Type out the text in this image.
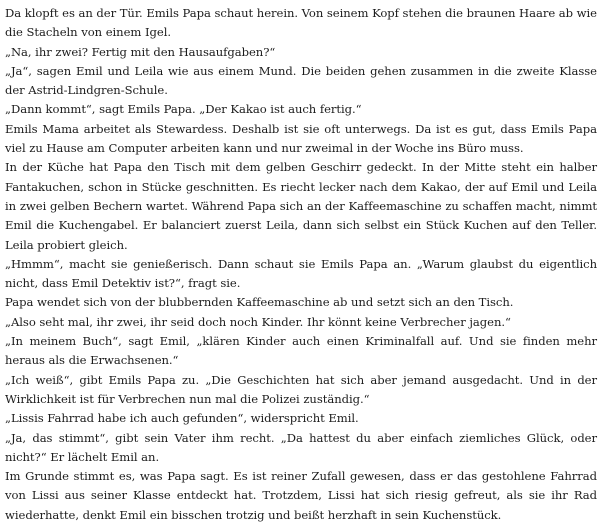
Da klopft es an der Tür. Emils Papa schaut herein. Von seinem Kopf stehen die braunen Haare ab wie die Stacheln von einem Igel.

„Na, ihr zwei? Fertig mit den Hausaufgaben?“

„Ja“, sagen Emil und Leila wie aus einem Mund. Die beiden gehen zusammen in die zweite Klasse der Astrid-Lindgren-Schule.

„Dann kommt“, sagt Emils Papa. „Der Kakao ist auch fertig.“

Emils Mama arbeitet als Stewardess. Deshalb ist sie oft unterwegs. Da ist es gut, dass Emils Papa viel zu Hause am Computer arbeiten kann und nur zweimal in der Woche ins Büro muss.

In der Küche hat Papa den Tisch mit dem gelben Geschirr gedeckt. In der Mitte steht ein halber Fantakuchen, schon in Stücke geschnitten. Es riecht lecker nach dem Kakao, der auf Emil und Leila in zwei gelben Bechern wartet. Während Papa sich an der Kaffeemaschine zu schaffen macht, nimmt Emil die Kuchengabel. Er balanciert zuerst Leila, dann sich selbst ein Stück Kuchen auf den Teller. Leila probiert gleich.

„Hmmm“, macht sie genießerisch. Dann schaut sie Emils Papa an. „Warum glaubst du eigentlich nicht, dass Emil Detektiv ist?“, fragt sie.

Papa wendet sich von der blubbernden Kaffeemaschine ab und setzt sich an den Tisch.

„Also seht mal, ihr zwei, ihr seid doch noch Kinder. Ihr könnt keine Verbrecher jagen.“

„In meinem Buch“, sagt Emil, „klären Kinder auch einen Kriminalfall auf. Und sie finden mehr heraus als die Erwachsenen.“

„Ich weiß“, gibt Emils Papa zu. „Die Geschichten hat sich aber jemand ausgedacht. Und in der Wirklichkeit ist für Verbrechen nun mal die Polizei zuständig.“

„Lissis Fahrrad habe ich auch gefunden“, widerspricht Emil.

„Ja, das stimmt“, gibt sein Vater ihm recht. „Da hattest du aber einfach ziemliches Glück, oder nicht?“ Er lächelt Emil an.

Im Grunde stimmt es, was Papa sagt. Es ist reiner Zufall gewesen, dass er das gestohlene Fahrrad von Lissi aus seiner Klasse entdeckt hat. Trotzdem, Lissi hat sich riesig gefreut, als sie ihr Rad wiederhatte, denkt Emil ein bisschen trotzig und beißt herzhaft in sein Kuchenstück.
